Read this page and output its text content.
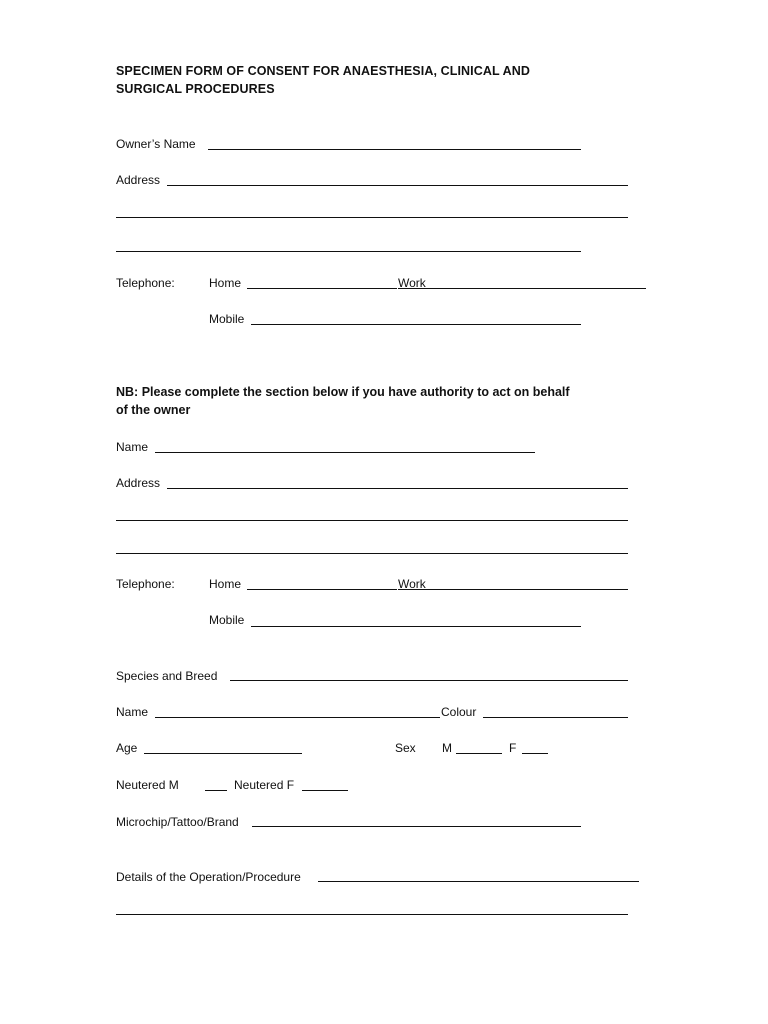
SPECIMEN FORM OF CONSENT FOR ANAESTHESIA, CLINICAL AND
SURGICAL PROCEDURES
Owner’s Name
Address
Telephone:	Home	Work
Mobile
NB: Please complete the section below if you have authority to act on behalf
of the owner
Name
Address
Telephone:	Home	Work
Mobile
Species and Breed
Name	Colour
Age	Sex M	F
Neutered M	Neutered F
Microchip/Tattoo/Brand
Details of the Operation/Procedure
